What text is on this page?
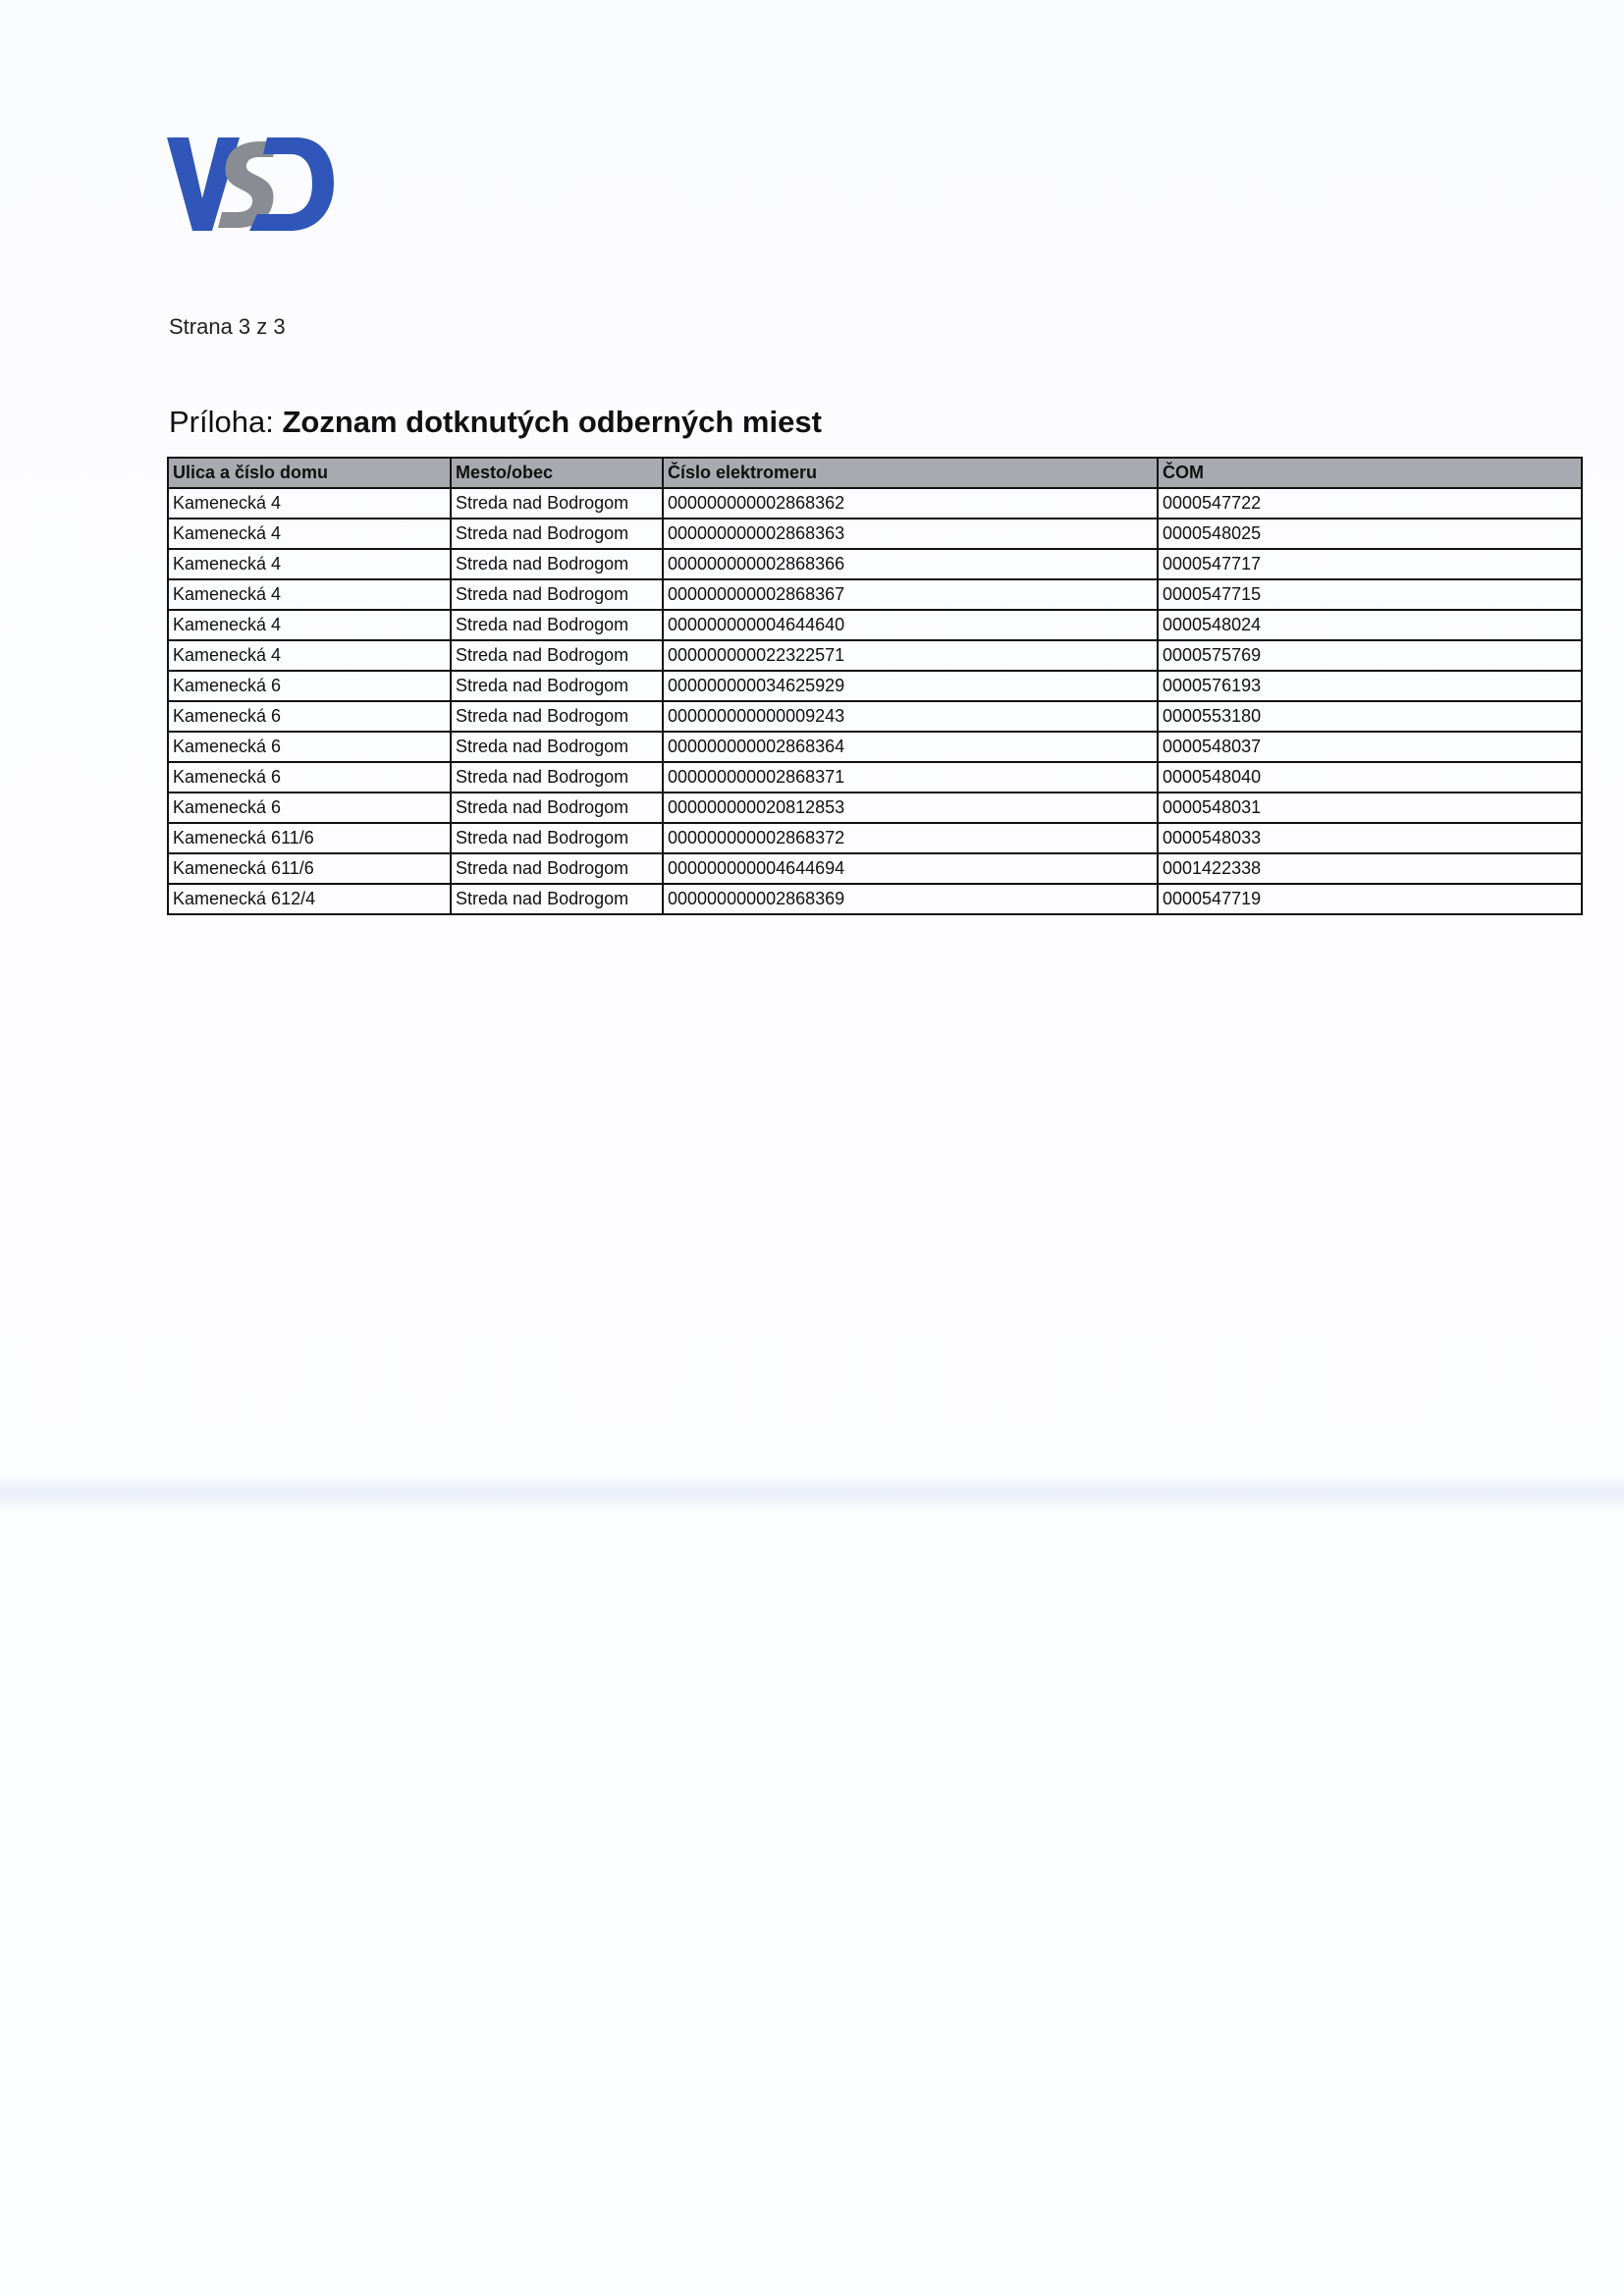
Strana 3 z 3
Príloha: Zoznam dotknutých odberných miest
Ulica a číslo domu	Mesto/obec	Číslo elektromeru	ČOM
Kamenecká 4	Streda nad Bodrogom	000000000002868362	0000547722
Kamenecká 4	Streda nad Bodrogom	000000000002868363	0000548025
Kamenecká 4	Streda nad Bodrogom	000000000002868366	0000547717
Kamenecká 4	Streda nad Bodrogom	000000000002868367	0000547715
Kamenecká 4	Streda nad Bodrogom	000000000004644640	0000548024
Kamenecká 4	Streda nad Bodrogom	000000000022322571	0000575769
Kamenecká 6	Streda nad Bodrogom	000000000034625929	0000576193
Kamenecká 6	Streda nad Bodrogom	000000000000009243	0000553180
Kamenecká 6	Streda nad Bodrogom	000000000002868364	0000548037
Kamenecká 6	Streda nad Bodrogom	000000000002868371	0000548040
Kamenecká 6	Streda nad Bodrogom	000000000020812853	0000548031
Kamenecká 611/6	Streda nad Bodrogom	000000000002868372	0000548033
Kamenecká 611/6	Streda nad Bodrogom	000000000004644694	0001422338
Kamenecká 612/4	Streda nad Bodrogom	000000000002868369	0000547719
